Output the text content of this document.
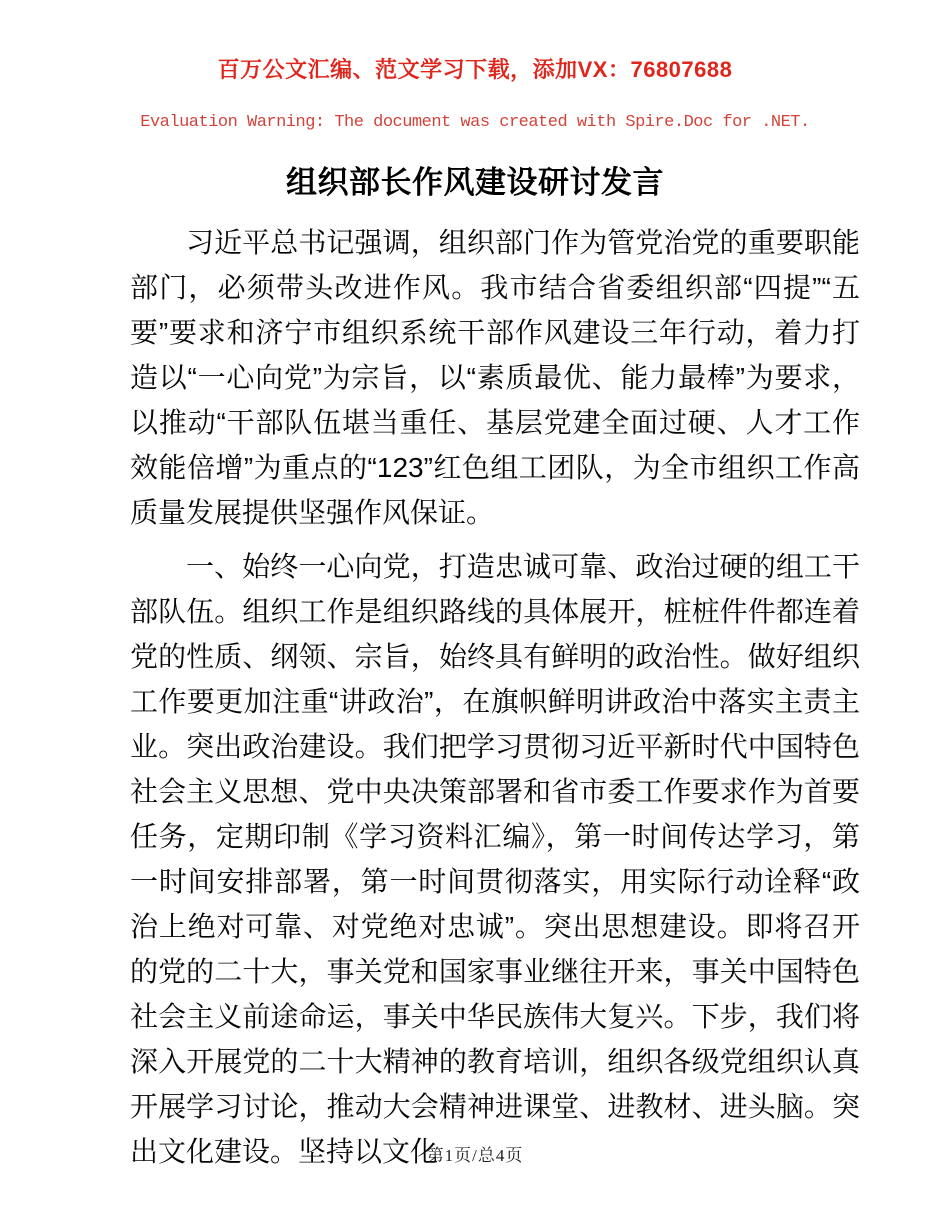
百万公文汇编、范文学习下载，添加VX：76807688
Evaluation Warning: The document was created with Spire.Doc for .NET.
组织部长作风建设研讨发言

习近平总书记强调，组织部门作为管党治党的重要职能部门，必须带头改进作风。我市结合省委组织部“四提”“五要”要求和济宁市组织系统干部作风建设三年行动，着力打造以“一心向党”为宗旨，以“素质最优、能力最棒”为要求，以推动“干部队伍堪当重任、基层党建全面过硬、人才工作效能倍增”为重点的“123”红色组工团队，为全市组织工作高质量发展提供坚强作风保证。

一、始终一心向党，打造忠诚可靠、政治过硬的组工干部队伍。组织工作是组织路线的具体展开，桩桩件件都连着党的性质、纲领、宗旨，始终具有鲜明的政治性。做好组织工作要更加注重“讲政治”，在旗帜鲜明讲政治中落实主责主业。突出政治建设。我们把学习贯彻习近平新时代中国特色社会主义思想、党中央决策部署和省市委工作要求作为首要任务，定期印制《学习资料汇编》，第一时间传达学习，第一时间安排部署，第一时间贯彻落实，用实际行动诠释“政治上绝对可靠、对党绝对忠诚”。突出思想建设。即将召开的党的二十大，事关党和国家事业继往开来，事关中国特色社会主义前途命运，事关中华民族伟大复兴。下步，我们将深入开展党的二十大精神的教育培训，组织各级党组织认真开展学习讨论，推动大会精神进课堂、进教材、进头脑。突出文化建设。坚持以文化

第1页/总4页
